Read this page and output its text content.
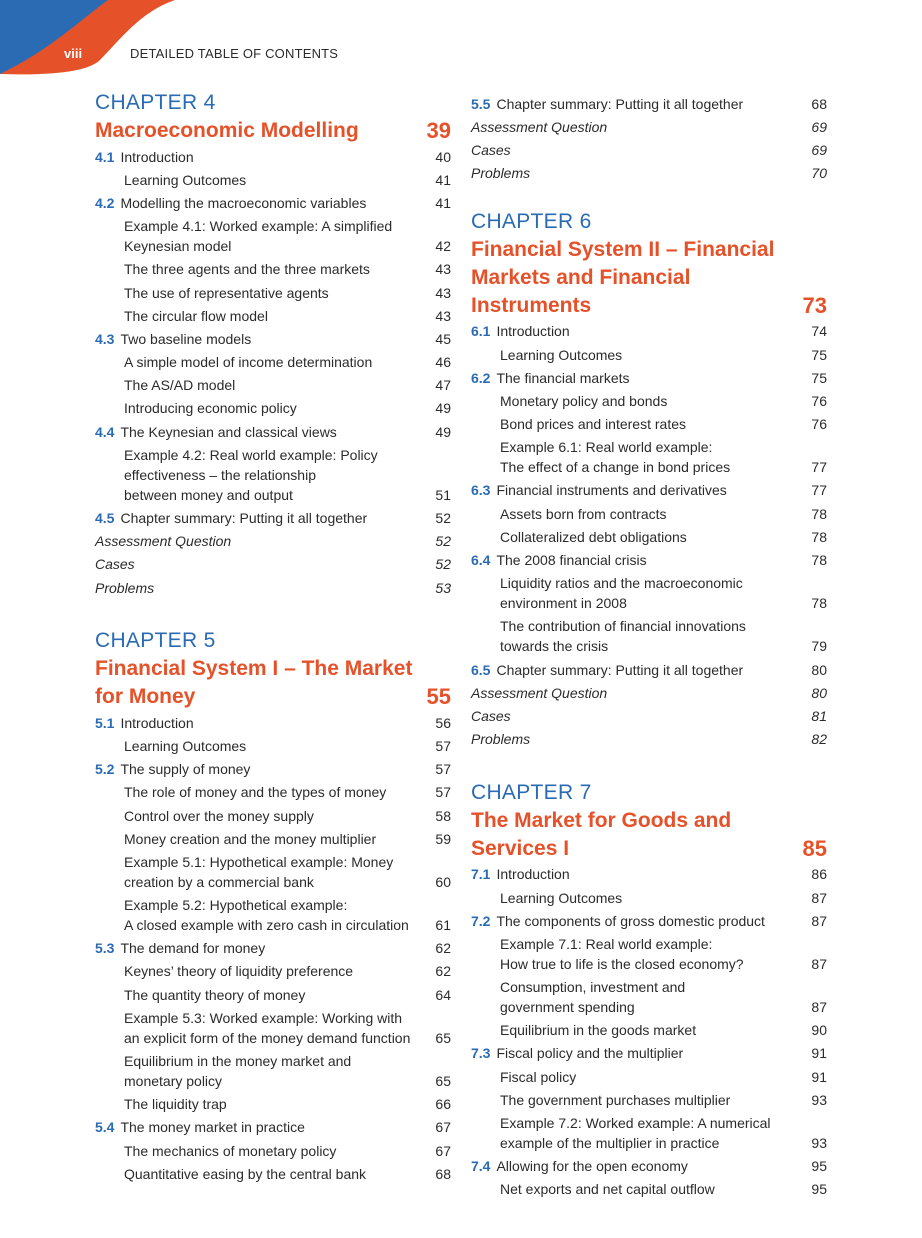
viii	DETAILED TABLE OF CONTENTS
CHAPTER 4
Macroeconomic Modelling	39
4.1 Introduction	40
Learning Outcomes	41
4.2 Modelling the macroeconomic variables	41
Example 4.1: Worked example: A simplified
Keynesian model	42
The three agents and the three markets	43
The use of representative agents	43
The circular flow model	43
4.3 Two baseline models	45
A simple model of income determination	46
The AS/AD model	47
Introducing economic policy	49
4.4 The Keynesian and classical views	49
Example 4.2: Real world example: Policy
effectiveness – the relationship
between money and output	51
4.5 Chapter summary: Putting it all together	52
Assessment Question	52
Cases	52
Problems	53
CHAPTER 5
Financial System I – The Market for Money	55
5.1 Introduction	56
Learning Outcomes	57
5.2 The supply of money	57
The role of money and the types of money	57
Control over the money supply	58
Money creation and the money multiplier	59
Example 5.1: Hypothetical example: Money
creation by a commercial bank	60
Example 5.2: Hypothetical example:
A closed example with zero cash in circulation	61
5.3 The demand for money	62
Keynes’ theory of liquidity preference	62
The quantity theory of money	64
Example 5.3: Worked example: Working with
an explicit form of the money demand function	65
Equilibrium in the money market and
monetary policy	65
The liquidity trap	66
5.4 The money market in practice	67
The mechanics of monetary policy	67
Quantitative easing by the central bank	68
5.5 Chapter summary: Putting it all together	68
Assessment Question	69
Cases	69
Problems	70
CHAPTER 6
Financial System II – Financial Markets and Financial Instruments	73
6.1 Introduction	74
Learning Outcomes	75
6.2 The financial markets	75
Monetary policy and bonds	76
Bond prices and interest rates	76
Example 6.1: Real world example:
The effect of a change in bond prices	77
6.3 Financial instruments and derivatives	77
Assets born from contracts	78
Collateralized debt obligations	78
6.4 The 2008 financial crisis	78
Liquidity ratios and the macroeconomic
environment in 2008	78
The contribution of financial innovations
towards the crisis	79
6.5 Chapter summary: Putting it all together	80
Assessment Question	80
Cases	81
Problems	82
CHAPTER 7
The Market for Goods and Services I	85
7.1 Introduction	86
Learning Outcomes	87
7.2 The components of gross domestic product	87
Example 7.1: Real world example:
How true to life is the closed economy?	87
Consumption, investment and
government spending	87
Equilibrium in the goods market	90
7.3 Fiscal policy and the multiplier	91
Fiscal policy	91
The government purchases multiplier	93
Example 7.2: Worked example: A numerical
example of the multiplier in practice	93
7.4 Allowing for the open economy	95
Net exports and net capital outflow	95
